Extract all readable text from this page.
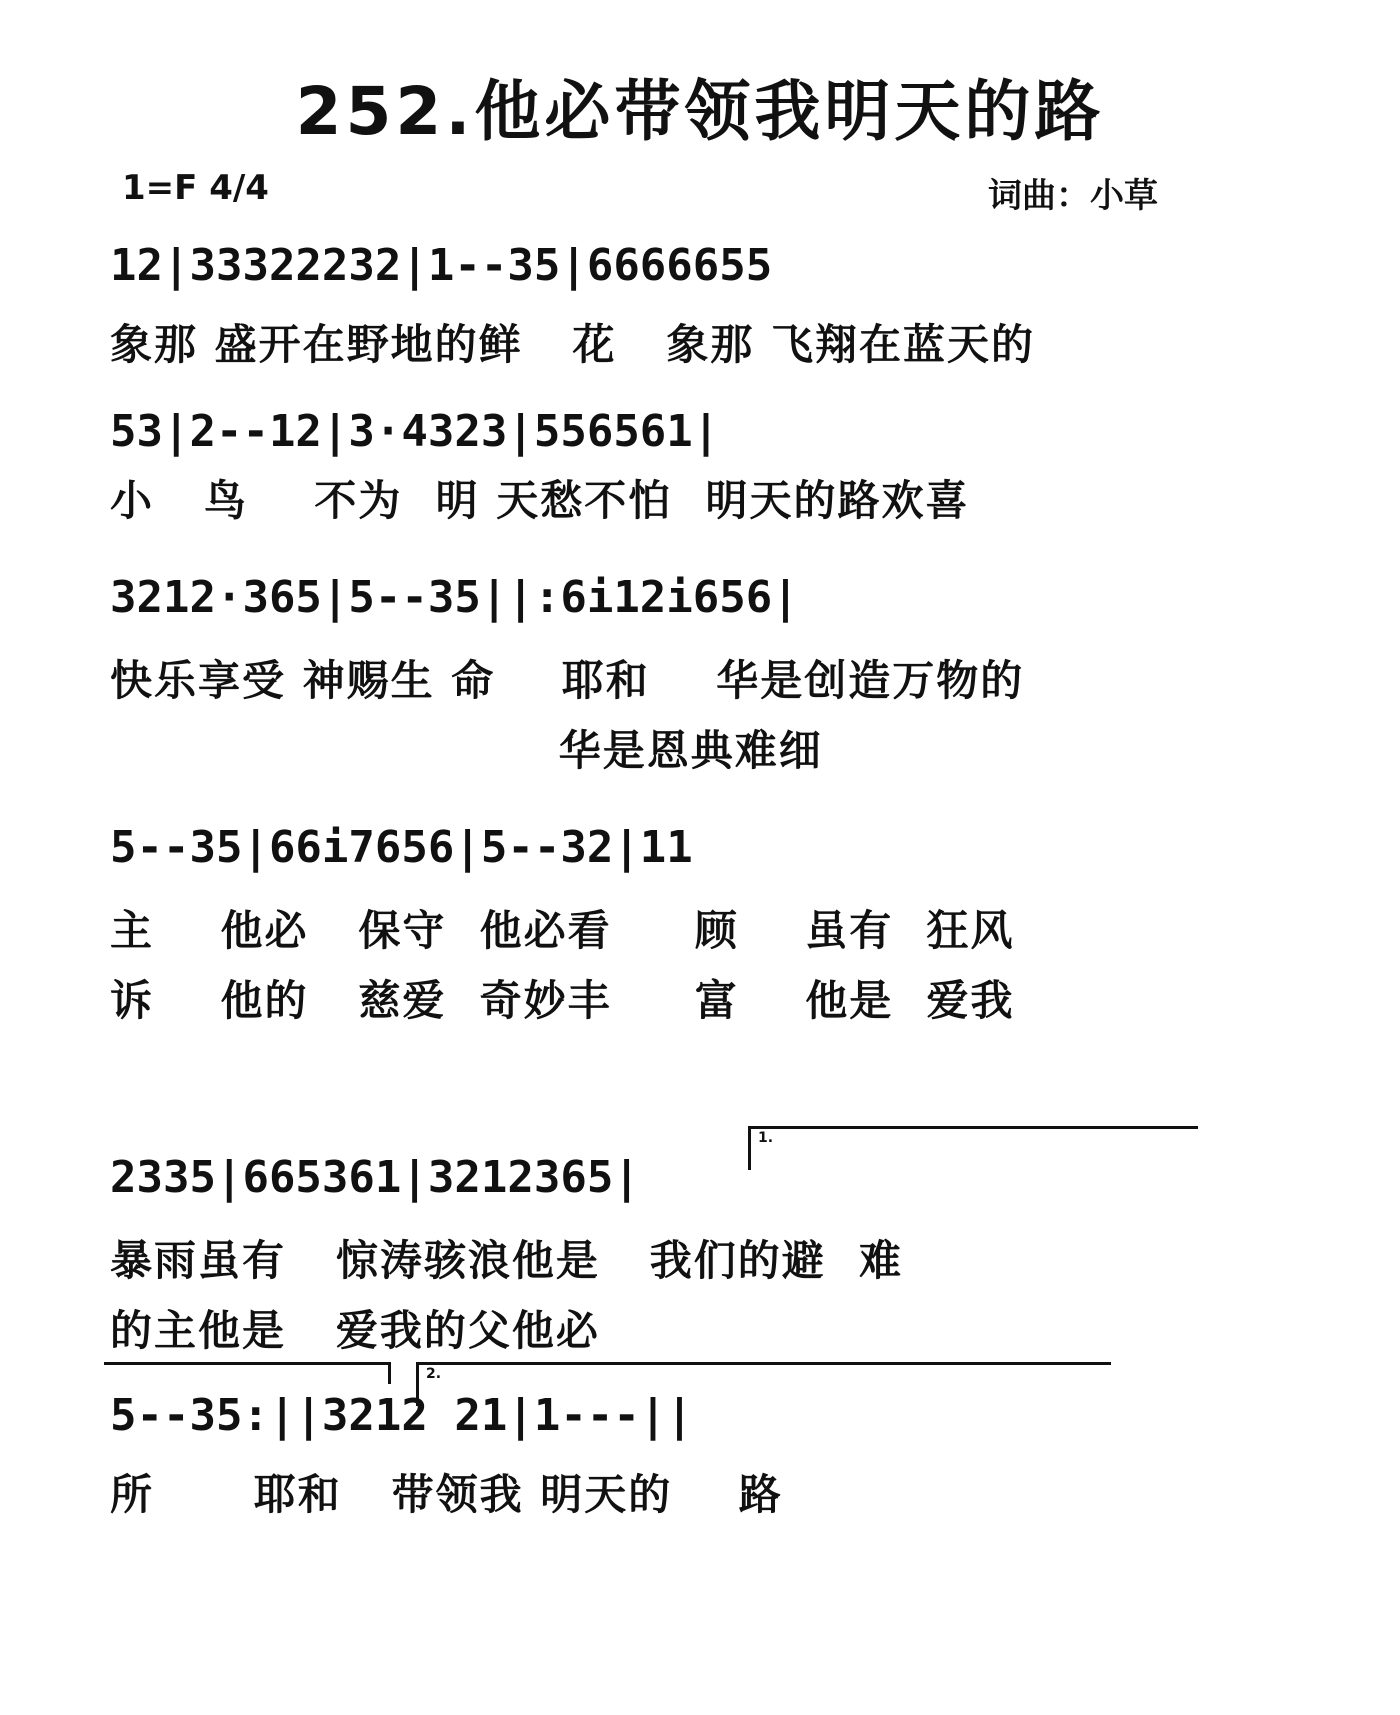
252.他必带领我明天的路
1=F 4/4	词曲：小草
12|33322232|1--35|6666655
象那 盛开在野地的鲜   花   象那 飞翔在蓝天的
53|2--12|3·4323|556561|
小   鸟    不为  明 天愁不怕  明天的路欢喜
3212·365|5--35||:6i12i656|
快乐享受 神赐生 命    耶和    华是创造万物的
华是恩典难细
5--35|66i7656|5--32|11
主    他必   保守  他必看     顾    虽有  狂风
诉    他的   慈爱  奇妙丰     富    他是  爱我
1.
2335|665361|3212365|
暴雨虽有   惊涛骇浪他是   我们的避  难
的主他是   爱我的父他必
2.
5--35:||3212 21|1---||
所      耶和   带领我 明天的    路
